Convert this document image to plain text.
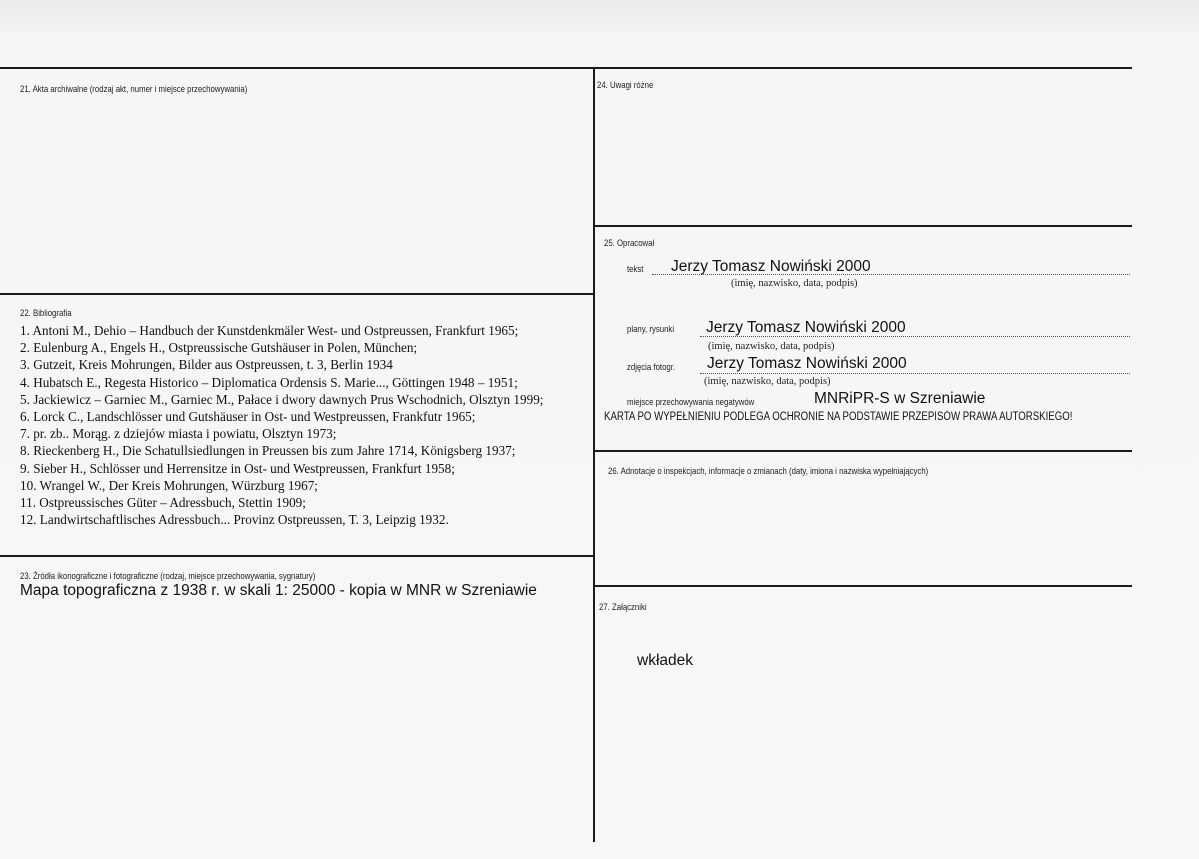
21. Akta archiwalne (rodzaj akt, numer i miejsce przechowywania)
22. Bibliografia
1. Antoni M., Dehio – Handbuch der Kunstdenkmäler West- und Ostpreussen, Frankfurt 1965;
2. Eulenburg A., Engels H., Ostpreussische Gutshäuser in Polen, München;
3. Gutzeit, Kreis Mohrungen, Bilder aus Ostpreussen, t. 3, Berlin 1934
4. Hubatsch E., Regesta Historico – Diplomatica Ordensis S. Marie..., Göttingen 1948 – 1951;
5. Jackiewicz – Garniec M., Garniec M., Pałace i dwory dawnych Prus Wschodnich, Olsztyn 1999;
6. Lorck C., Landschlösser und Gutshäuser in Ost- und Westpreussen, Frankfutr 1965;
7. pr. zb.. Morąg. z dziejów miasta i powiatu, Olsztyn 1973;
8. Rieckenberg H., Die Schatullsiedlungen in Preussen bis zum Jahre 1714, Königsberg 1937;
9. Sieber H., Schlösser und Herrensitze in Ost- und Westpreussen, Frankfurt 1958;
10. Wrangel W., Der Kreis Mohrungen, Würzburg 1967;
11. Ostpreussisches Güter – Adressbuch, Stettin 1909;
12. Landwirtschaftlisches Adressbuch... Provinz Ostpreussen, T. 3, Leipzig 1932.
23. Źródła ikonograficzne i fotograficzne (rodzaj, miejsce przechowywania, sygnatury)
Mapa topograficzna z 1938 r. w skali 1: 25000 - kopia w MNR w Szreniawie
24. Uwagi różne
25. Opracował
tekst Jerzy Tomasz Nowiński 2000
(imię, nazwisko, data, podpis)
plany, rysunki Jerzy Tomasz Nowiński 2000
(imię, nazwisko, data, podpis)
zdjęcia fotogr. Jerzy Tomasz Nowiński 2000
(imię, nazwisko, data, podpis)
miejsce przechowywania negatywów	MNRiPR-S w Szreniawie
KARTA PO WYPEŁNIENIU PODLEGA OCHRONIE NA PODSTAWIE PRZEPISÓW PRAWA AUTORSKIEGO!
26. Adnotacje o inspekcjach, informacje o zmianach (daty, imiona i nazwiska wypełniających)
27. Załączniki
wkładek
